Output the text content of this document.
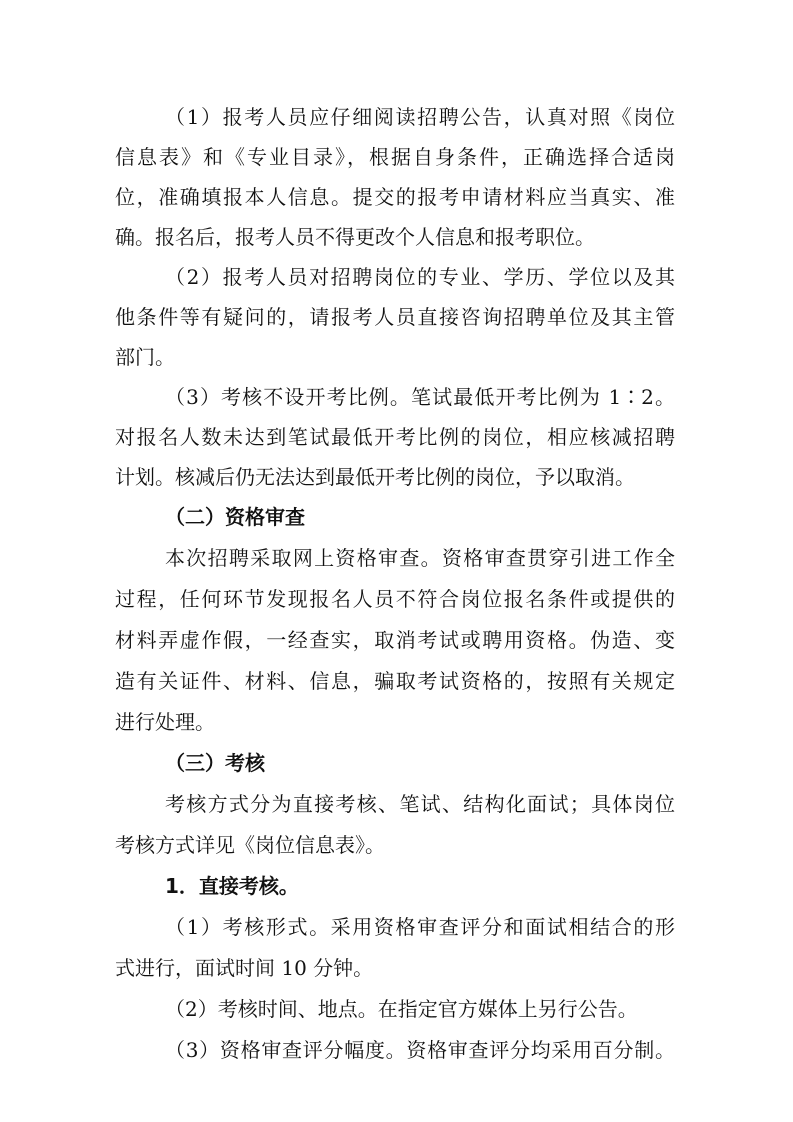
（1）报考人员应仔细阅读招聘公告，认真对照《岗位
信息表》和《专业目录》，根据自身条件，正确选择合适岗
位，准确填报本人信息。提交的报考申请材料应当真实、准
确。报名后，报考人员不得更改个人信息和报考职位。
（2）报考人员对招聘岗位的专业、学历、学位以及其
他条件等有疑问的，请报考人员直接咨询招聘单位及其主管
部门。
（3）考核不设开考比例。笔试最低开考比例为 1∶2。
对报名人数未达到笔试最低开考比例的岗位，相应核减招聘
计划。核减后仍无法达到最低开考比例的岗位，予以取消。
（二）资格审查
本次招聘采取网上资格审查。资格审查贯穿引进工作全
过程，任何环节发现报名人员不符合岗位报名条件或提供的
材料弄虚作假，一经查实，取消考试或聘用资格。伪造、变
造有关证件、材料、信息，骗取考试资格的，按照有关规定
进行处理。
（三）考核
考核方式分为直接考核、笔试、结构化面试；具体岗位
考核方式详见《岗位信息表》。
1．直接考核。
（1）考核形式。采用资格审查评分和面试相结合的形
式进行，面试时间 10 分钟。
（2）考核时间、地点。在指定官方媒体上另行公告。
（3）资格审查评分幅度。资格审查评分均采用百分制。
